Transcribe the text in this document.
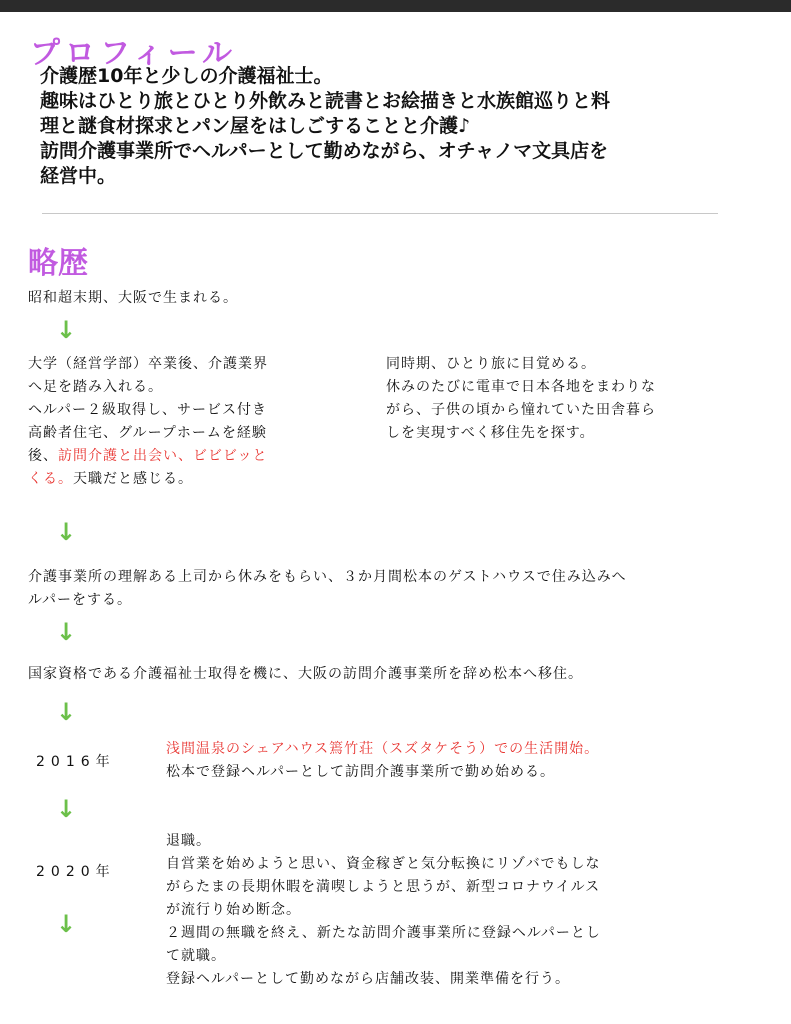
プロフィール
介護歴10年と少しの介護福祉士。
趣味はひとり旅とひとり外飲みと読書とお絵描きと水族館巡りと料
理と謎食材探求とパン屋をはしごすることと介護♪
訪問介護事業所でヘルパーとして勤めながら、オチャノマ文具店を
経営中。
略歴
昭和超末期、大阪で生まれる。
↓
大学（経営学部）卒業後、介護業界
へ足を踏み入れる。
ヘルパー２級取得し、サービス付き
高齢者住宅、グループホームを経験
後、訪問介護と出会い、ビビビッと
くる。天職だと感じる。
同時期、ひとり旅に目覚める。
休みのたびに電車で日本各地をまわりな
がら、子供の頃から憧れていた田舎暮ら
しを実現すべく移住先を探す。
↓
介護事業所の理解ある上司から休みをもらい、３か月間松本のゲストハウスで住み込みへ
ルパーをする。
↓
国家資格である介護福祉士取得を機に、大阪の訪問介護事業所を辞め松本へ移住。
↓
2016年
浅間温泉のシェアハウス篶竹荘（スズタケそう）での生活開始。
松本で登録ヘルパーとして訪問介護事業所で勤め始める。
↓
2020年
↓
退職。
自営業を始めようと思い、資金稼ぎと気分転換にリゾバでもしな
がらたまの長期休暇を満喫しようと思うが、新型コロナウイルス
が流行り始め断念。
２週間の無職を終え、新たな訪問介護事業所に登録ヘルパーとし
て就職。
登録ヘルパーとして勤めながら店舗改装、開業準備を行う。
